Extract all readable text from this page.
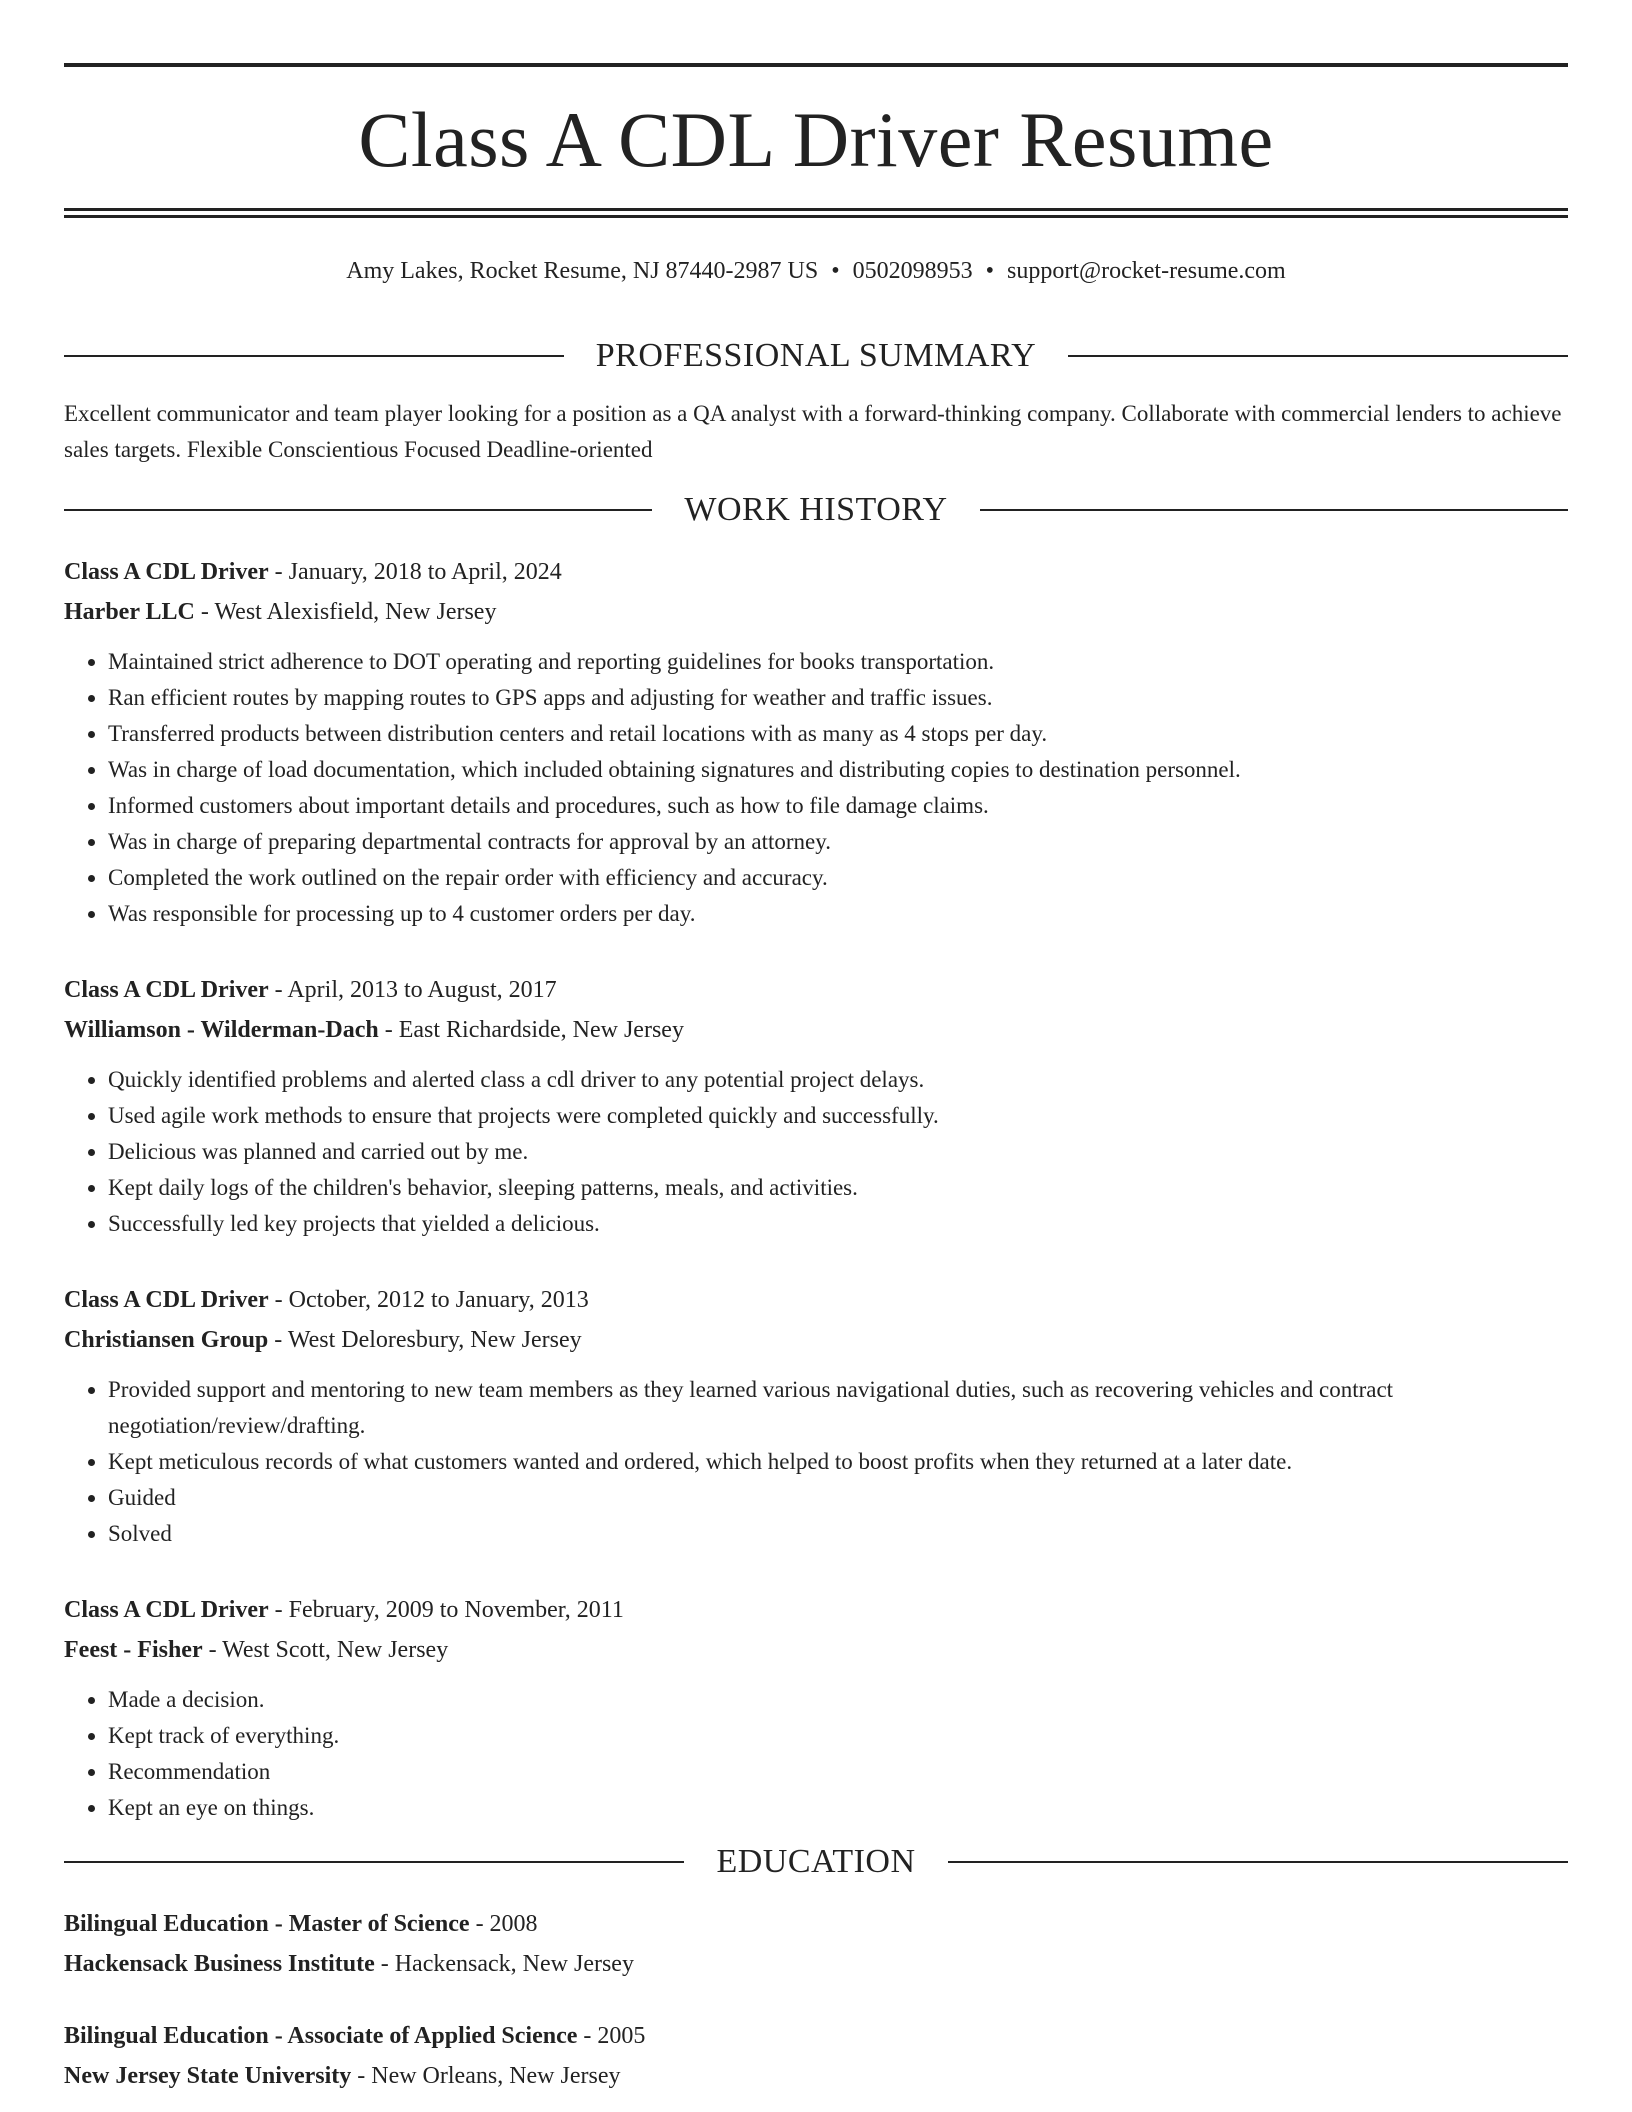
Class A CDL Driver Resume
Amy Lakes, Rocket Resume, NJ 87440-2987 US • 0502098953 • support@rocket-resume.com
PROFESSIONAL SUMMARY

Excellent communicator and team player looking for a position as a QA analyst with a forward-thinking company. Collaborate with commercial lenders to achieve sales targets. Flexible Conscientious Focused Deadline-oriented

WORK HISTORY
Class A CDL Driver - January, 2018 to April, 2024
Harber LLC - West Alexisfield, New Jersey
• Maintained strict adherence to DOT operating and reporting guidelines for books transportation.
• Ran efficient routes by mapping routes to GPS apps and adjusting for weather and traffic issues.
• Transferred products between distribution centers and retail locations with as many as 4 stops per day.
• Was in charge of load documentation, which included obtaining signatures and distributing copies to destination personnel.
• Informed customers about important details and procedures, such as how to file damage claims.
• Was in charge of preparing departmental contracts for approval by an attorney.
• Completed the work outlined on the repair order with efficiency and accuracy.
• Was responsible for processing up to 4 customer orders per day.
Class A CDL Driver - April, 2013 to August, 2017
Williamson - Wilderman-Dach - East Richardside, New Jersey
• Quickly identified problems and alerted class a cdl driver to any potential project delays.
• Used agile work methods to ensure that projects were completed quickly and successfully.
• Delicious was planned and carried out by me.
• Kept daily logs of the children's behavior, sleeping patterns, meals, and activities.
• Successfully led key projects that yielded a delicious.
Class A CDL Driver - October, 2012 to January, 2013
Christiansen Group - West Deloresbury, New Jersey
• Provided support and mentoring to new team members as they learned various navigational duties, such as recovering vehicles and contract negotiation/review/drafting.
• Kept meticulous records of what customers wanted and ordered, which helped to boost profits when they returned at a later date.
• Guided
• Solved
Class A CDL Driver - February, 2009 to November, 2011
Feest - Fisher - West Scott, New Jersey
• Made a decision.
• Kept track of everything.
• Recommendation
• Kept an eye on things.
EDUCATION
Bilingual Education - Master of Science - 2008
Hackensack Business Institute - Hackensack, New Jersey
Bilingual Education - Associate of Applied Science - 2005
New Jersey State University - New Orleans, New Jersey
